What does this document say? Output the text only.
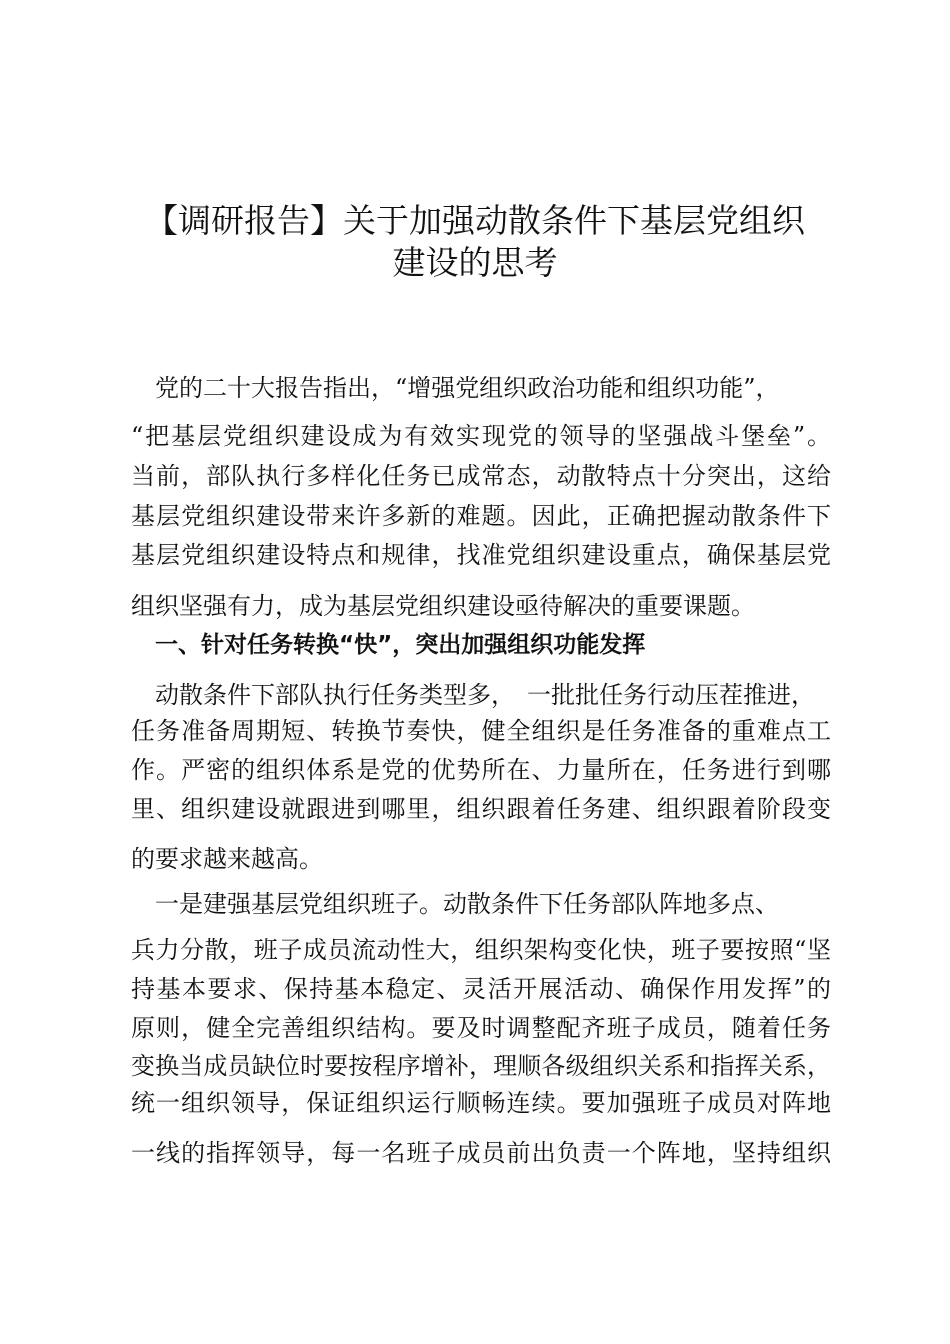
【调研报告】关于加强动散条件下基层党组织
建设的思考
党的二十大报告指出，“增强党组织政治功能和组织功能”，
“把基层党组织建设成为有效实现党的领导的坚强战斗堡垒”。
当前，部队执行多样化任务已成常态，动散特点十分突出，这给
基层党组织建设带来许多新的难题。因此，正确把握动散条件下
基层党组织建设特点和规律，找准党组织建设重点，确保基层党
组织坚强有力，成为基层党组织建设亟待解决的重要课题。
一、针对任务转换“快”，突出加强组织功能发挥
动散条件下部队执行任务类型多，　一批批任务行动压茬推进，
任务准备周期短、转换节奏快，健全组织是任务准备的重难点工
作。严密的组织体系是党的优势所在、力量所在，任务进行到哪
里、组织建设就跟进到哪里，组织跟着任务建、组织跟着阶段变
的要求越来越高。
一是建强基层党组织班子。动散条件下任务部队阵地多点、
兵力分散，班子成员流动性大，组织架构变化快，班子要按照“坚
持基本要求、保持基本稳定、灵活开展活动、确保作用发挥”的
原则，健全完善组织结构。要及时调整配齐班子成员，随着任务
变换当成员缺位时要按程序增补，理顺各级组织关系和指挥关系，
统一组织领导，保证组织运行顺畅连续。要加强班子成员对阵地
一线的指挥领导，每一名班子成员前出负责一个阵地，坚持组织
